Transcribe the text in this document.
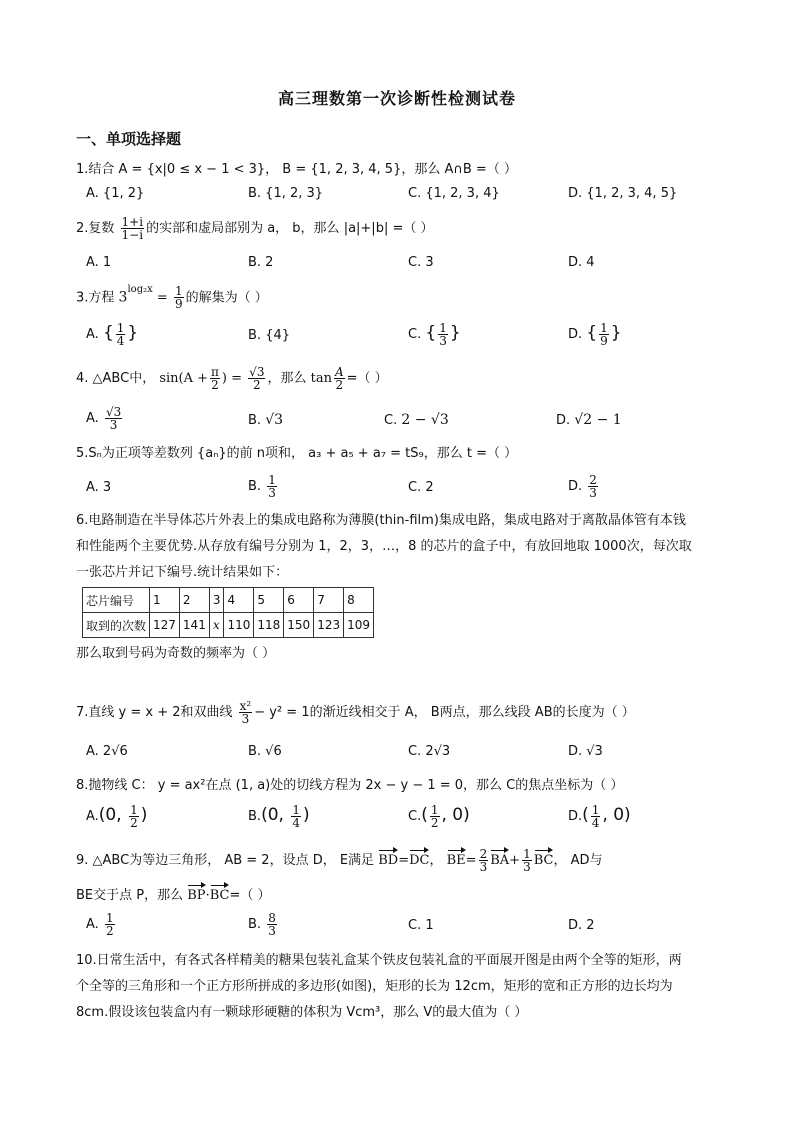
高三理数第一次诊断性检测试卷
一、单项选择题
1.结合 A = {x|0 ≤ x − 1 < 3}， B = {1, 2, 3, 4, 5}，那么 A∩B =（ ）
A. {1, 2}	B. {1, 2, 3}	C. {1, 2, 3, 4}	D. {1, 2, 3, 4, 5}
2.复数 $\frac{1+i}{1-i}$ 的实部和虚局部别为 a， b，那么 |a|+|b| =（ ）
A. 1	B. 2	C. 3	D. 4
3.方程 $3^{log_2x} = \frac{1}{9}$ 的解集为（ ）
A. { $\frac{1}{4}$ }	B. {4}	C. { $\frac{1}{3}$ }	D. { $\frac{1}{9}$ }
4. △ABC中， $\sin(A + \frac{\pi}{2}$ ) = $\frac{√3}{2}$ ，那么 $\tan \frac{A}{2}$ =（ ）
A. $\frac{√3}{3}$	B. √3	C. 2 − √3	D. √2 − 1
5.Sₙ为正项等差数列 {aₙ}的前 n项和， a₃ + a₅ + a₇ = tS₉，那么 t =（ ）
A. 3	B. $\frac{1}{3}$	C. 2	D. $\frac{2}{3}$
6.电路制造在半导体芯片外表上的集成电路称为薄膜(thin-film)集成电路，集成电路对于离散晶体管有本钱
和性能两个主要优势.从存放有编号分别为 1，2，3，…，8 的芯片的盒子中，有放回地取 1000次，每次取
一张芯片并记下编号.统计结果如下：
芯片编号	1	2	3	4	5	6	7	8
取到的次数	127	141	x	110	118	150	123	109
那么取到号码为奇数的频率为（ ）
7.直线 y = x + 2和双曲线 $\frac{\text{x²}}{3} - y^2 = 1$的渐近线相交于 A， B两点，那么线段 AB的长度为（ ）
A. 2√6	B. √6	C. 2√3	D. √3
8.抛物线 C： y = ax²在点 (1, a)处的切线方程为 2x − y − 1 = 0，那么 C的焦点坐标为（ ）
A.(0, $\frac{1}{2}$ )	B.(0, $\frac{1}{4}$ )	$C.( \frac{1}{2}$ , 0)	$D.( \frac{1}{4}$ , 0)
9. △ABC为等边三角形， AB = 2，设点 D， E满足 BD=DC， $BE= \frac{2}{3} BA+ \frac{1}{3}$ BC， AD与
BE交于点 P，那么 BP·BC=（ ）
A. $\frac{1}{2}$	B. $\frac{8}{3}$	C. 1	D. 2
10.日常生活中，有各式各样精美的糖果包装礼盒某个铁皮包装礼盒的平面展开图是由两个全等的矩形，两
个全等的三角形和一个正方形所拼成的多边形(如图)，矩形的长为 12cm，矩形的宽和正方形的边长均为
8cm.假设该包装盒内有一颗球形硬糖的体积为 Vcm³，那么 V的最大值为（ ）
